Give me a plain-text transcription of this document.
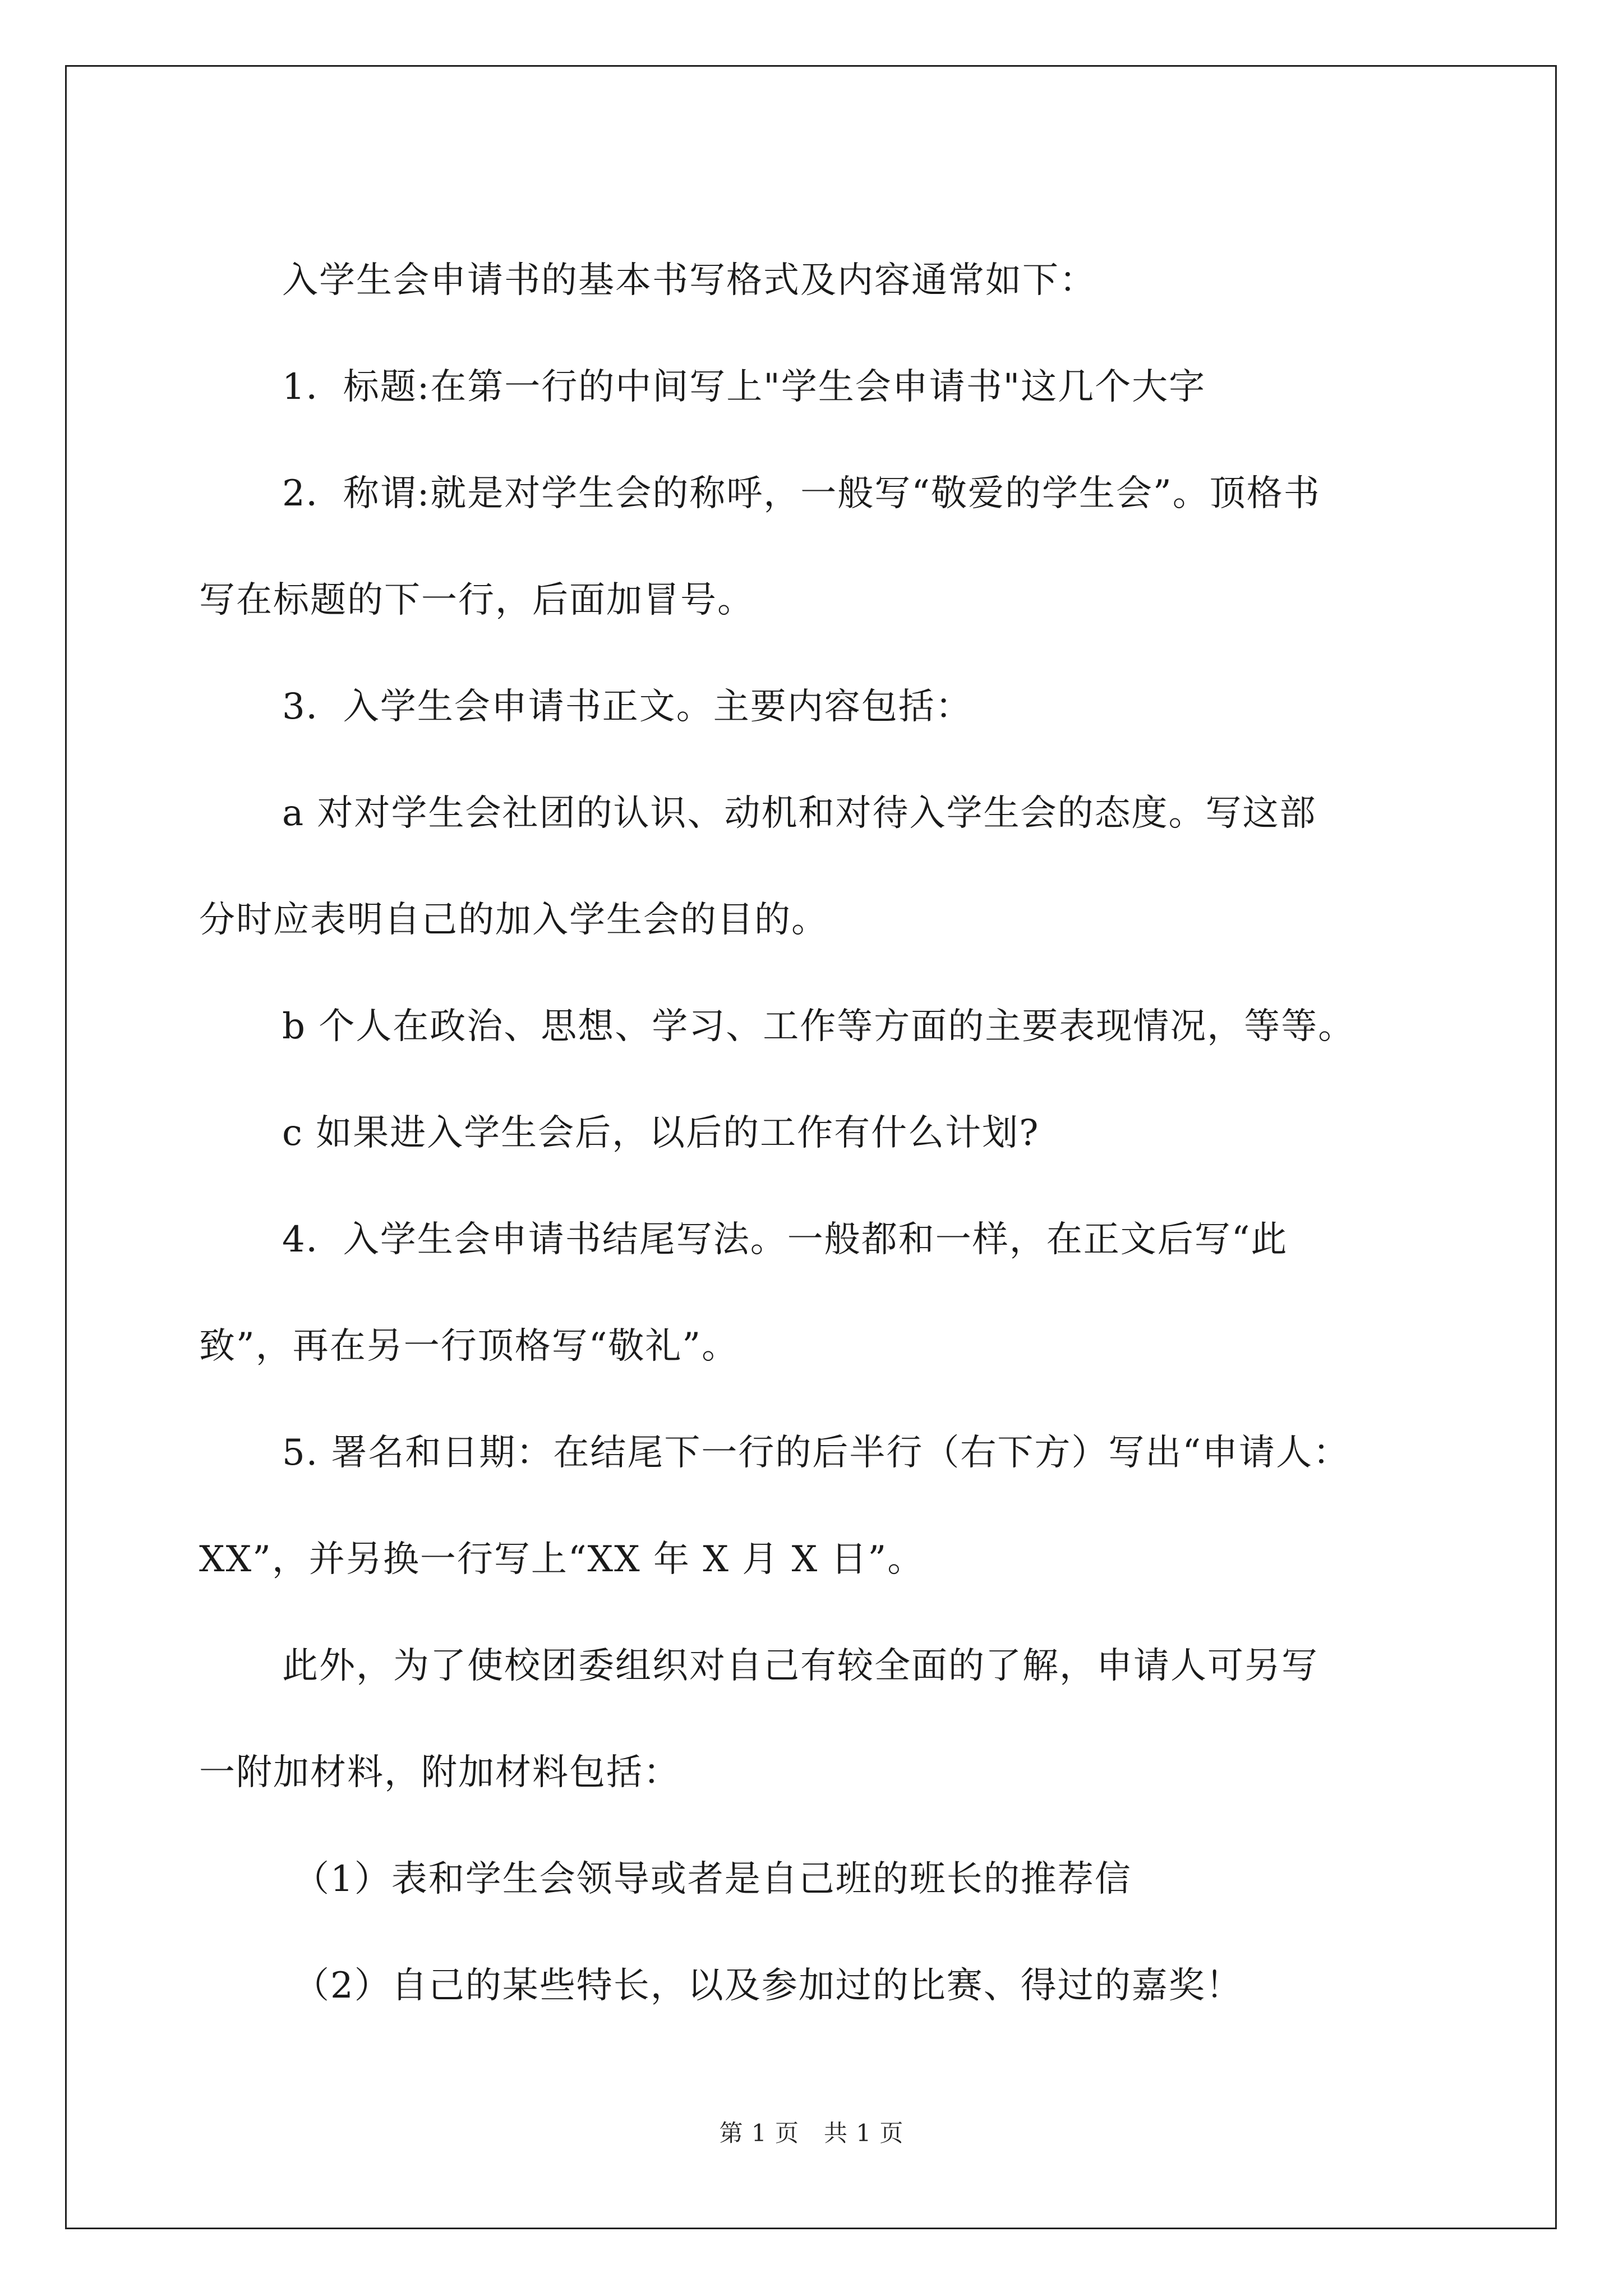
入学生会申请书的基本书写格式及内容通常如下：

1．标题:在第一行的中间写上"学生会申请书"这几个大字

2．称谓:就是对学生会的称呼，一般写“敬爱的学生会”。顶格书

写在标题的下一行，后面加冒号。

3．入学生会申请书正文。主要内容包括：

a 对对学生会社团的认识、动机和对待入学生会的态度。写这部

分时应表明自己的加入学生会的目的。

b 个人在政治、思想、学习、工作等方面的主要表现情况，等等。

c 如果进入学生会后，以后的工作有什么计划?

4．入学生会申请书结尾写法。一般都和一样，在正文后写“此

致”，再在另一行顶格写“敬礼”。

5. 署名和日期：在结尾下一行的后半行（右下方）写出“申请人：

XX”，并另换一行写上“XX 年 X 月 X 日”。

此外，为了使校团委组织对自己有较全面的了解，申请人可另写

一附加材料，附加材料包括：

（1）表和学生会领导或者是自己班的班长的推荐信

（2）自己的某些特长，以及参加过的比赛、得过的嘉奖！

第 1 页 共 1 页
